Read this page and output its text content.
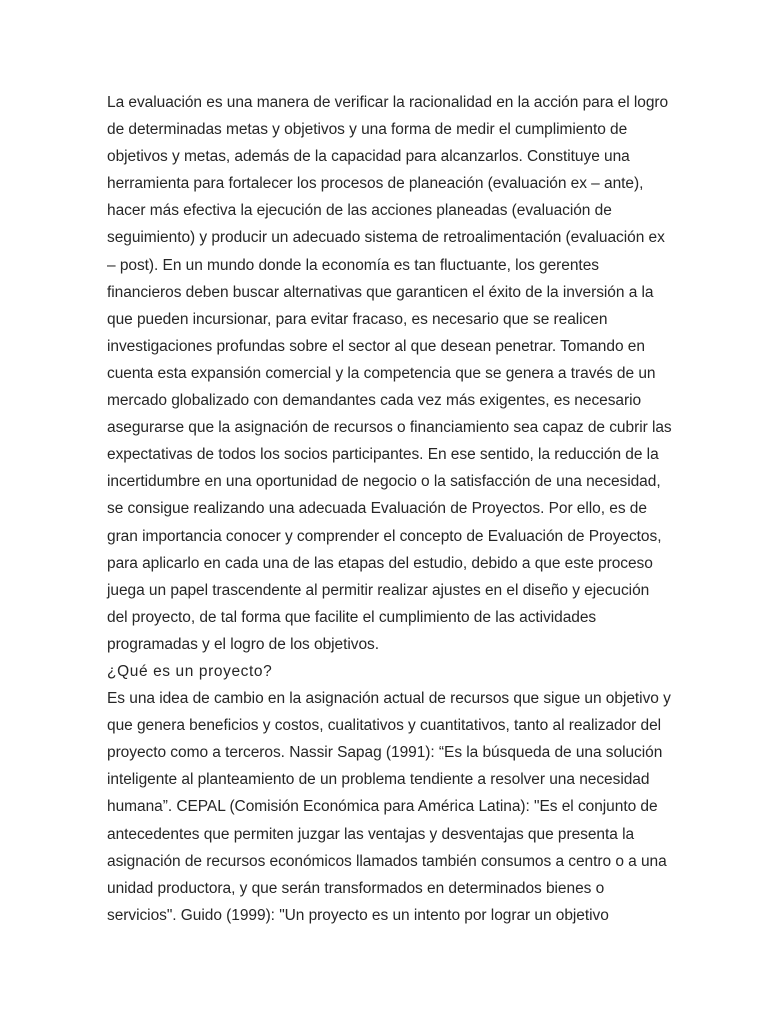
La evaluación es una manera de verificar la racionalidad en la acción para el logro
de determinadas metas y objetivos y una forma de medir el cumplimiento de
objetivos y metas, además de la capacidad para alcanzarlos. Constituye una
herramienta para fortalecer los procesos de planeación (evaluación ex – ante),
hacer más efectiva la ejecución de las acciones planeadas (evaluación de
seguimiento) y producir un adecuado sistema de retroalimentación (evaluación ex
– post). En un mundo donde la economía es tan fluctuante, los gerentes
financieros deben buscar alternativas que garanticen el éxito de la inversión a la
que pueden incursionar, para evitar fracaso, es necesario que se realicen
investigaciones profundas sobre el sector al que desean penetrar. Tomando en
cuenta esta expansión comercial y la competencia que se genera a través de un
mercado globalizado con demandantes cada vez más exigentes, es necesario
asegurarse que la asignación de recursos o financiamiento sea capaz de cubrir las
expectativas de todos los socios participantes. En ese sentido, la reducción de la
incertidumbre en una oportunidad de negocio o la satisfacción de una necesidad,
se consigue realizando una adecuada Evaluación de Proyectos. Por ello, es de
gran importancia conocer y comprender el concepto de Evaluación de Proyectos,
para aplicarlo en cada una de las etapas del estudio, debido a que este proceso
juega un papel trascendente al permitir realizar ajustes en el diseño y ejecución
del proyecto, de tal forma que facilite el cumplimiento de las actividades
programadas y el logro de los objetivos.
¿Qué es un proyecto?
Es una idea de cambio en la asignación actual de recursos que sigue un objetivo y
que genera beneficios y costos, cualitativos y cuantitativos, tanto al realizador del
proyecto como a terceros. Nassir Sapag (1991): “Es la búsqueda de una solución
inteligente al planteamiento de un problema tendiente a resolver una necesidad
humana”. CEPAL (Comisión Económica para América Latina): "Es el conjunto de
antecedentes que permiten juzgar las ventajas y desventajas que presenta la
asignación de recursos económicos llamados también consumos a centro o a una
unidad productora, y que serán transformados en determinados bienes o
servicios". Guido (1999): "Un proyecto es un intento por lograr un objetivo
